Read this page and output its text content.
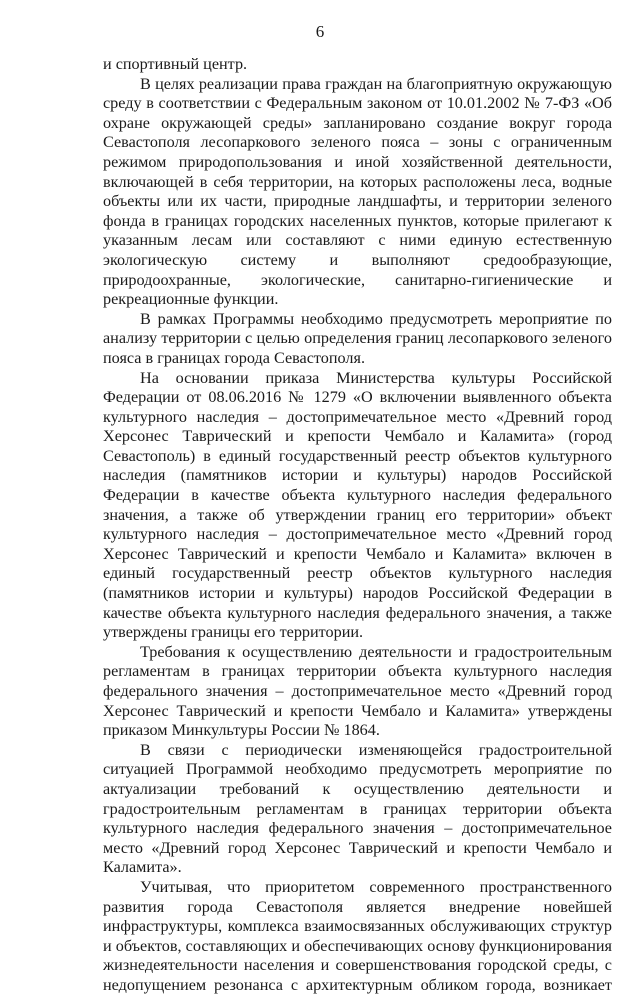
6

и спортивный центр.

В целях реализации права граждан на благоприятную окружающую среду в соответствии с Федеральным законом от 10.01.2002 № 7-ФЗ «Об охране окружающей среды» запланировано создание вокруг города Севастополя лесопаркового зеленого пояса – зоны с ограниченным режимом природопользования и иной хозяйственной деятельности, включающей в себя территории, на которых расположены леса, водные объекты или их части, природные ландшафты, и территории зеленого фонда в границах городских населенных пунктов, которые прилегают к указанным лесам или составляют с ними единую естественную экологическую систему и выполняют средообразующие, природоохранные, экологические, санитарно-гигиенические и рекреационные функции.

В рамках Программы необходимо предусмотреть мероприятие по анализу территории с целью определения границ лесопаркового зеленого пояса в границах города Севастополя.

На основании приказа Министерства культуры Российской Федерации от 08.06.2016 № 1279 «О включении выявленного объекта культурного наследия – достопримечательное место «Древний город Херсонес Таврический и крепости Чембало и Каламита» (город Севастополь) в единый государственный реестр объектов культурного наследия (памятников истории и культуры) народов Российской Федерации в качестве объекта культурного наследия федерального значения, а также об утверждении границ его территории» объект культурного наследия – достопримечательное место «Древний город Херсонес Таврический и крепости Чембало и Каламита» включен в единый государственный реестр объектов культурного наследия (памятников истории и культуры) народов Российской Федерации в качестве объекта культурного наследия федерального значения, а также утверждены границы его территории.

Требования к осуществлению деятельности и градостроительным регламентам в границах территории объекта культурного наследия федерального значения – достопримечательное место «Древний город Херсонес Таврический и крепости Чембало и Каламита» утверждены приказом Минкультуры России № 1864.

В связи с периодически изменяющейся градостроительной ситуацией Программой необходимо предусмотреть мероприятие по актуализации требований к осуществлению деятельности и градостроительным регламентам в границах территории объекта культурного наследия федерального значения – достопримечательное место «Древний город Херсонес Таврический и крепости Чембало и Каламита».

Учитывая, что приоритетом современного пространственного развития города Севастополя является внедрение новейшей инфраструктуры, комплекса взаимосвязанных обслуживающих структур и объектов, составляющих и обеспечивающих основу функционирования жизнедеятельности населения и совершенствования городской среды, с недопущением резонанса с архитектурным обликом города, возникает
